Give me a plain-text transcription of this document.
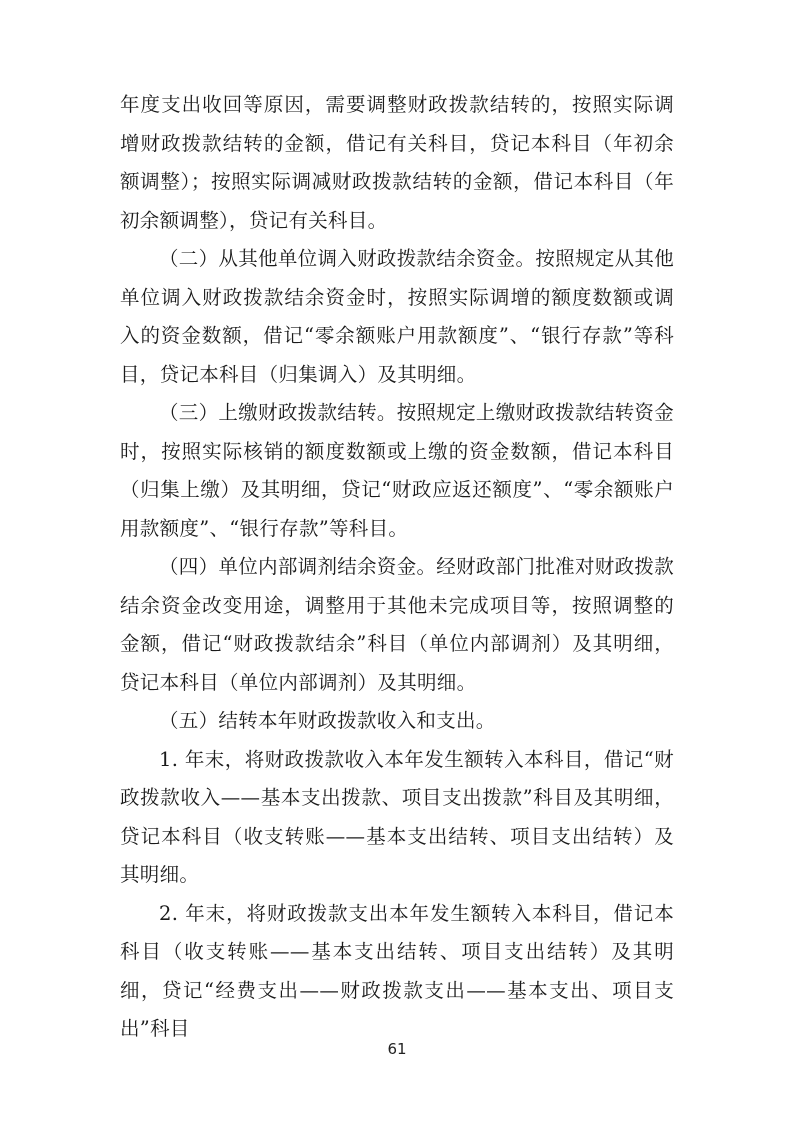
年度支出收回等原因，需要调整财政拨款结转的，按照实际调增财政拨款结转的金额，借记有关科目，贷记本科目（年初余额调整）；按照实际调减财政拨款结转的金额，借记本科目（年初余额调整），贷记有关科目。

（二）从其他单位调入财政拨款结余资金。按照规定从其他单位调入财政拨款结余资金时，按照实际调增的额度数额或调入的资金数额，借记“零余额账户用款额度”、“银行存款”等科目，贷记本科目（归集调入）及其明细。

（三）上缴财政拨款结转。按照规定上缴财政拨款结转资金时，按照实际核销的额度数额或上缴的资金数额，借记本科目（归集上缴）及其明细，贷记“财政应返还额度”、“零余额账户用款额度”、“银行存款”等科目。

（四）单位内部调剂结余资金。经财政部门批准对财政拨款结余资金改变用途，调整用于其他未完成项目等，按照调整的金额，借记“财政拨款结余”科目（单位内部调剂）及其明细，贷记本科目（单位内部调剂）及其明细。

（五）结转本年财政拨款收入和支出。

1. 年末，将财政拨款收入本年发生额转入本科目，借记“财政拨款收入——基本支出拨款、项目支出拨款”科目及其明细，贷记本科目（收支转账——基本支出结转、项目支出结转）及其明细。

2. 年末，将财政拨款支出本年发生额转入本科目，借记本科目（收支转账——基本支出结转、项目支出结转）及其明细，贷记“经费支出——财政拨款支出——基本支出、项目支出”科目

61
